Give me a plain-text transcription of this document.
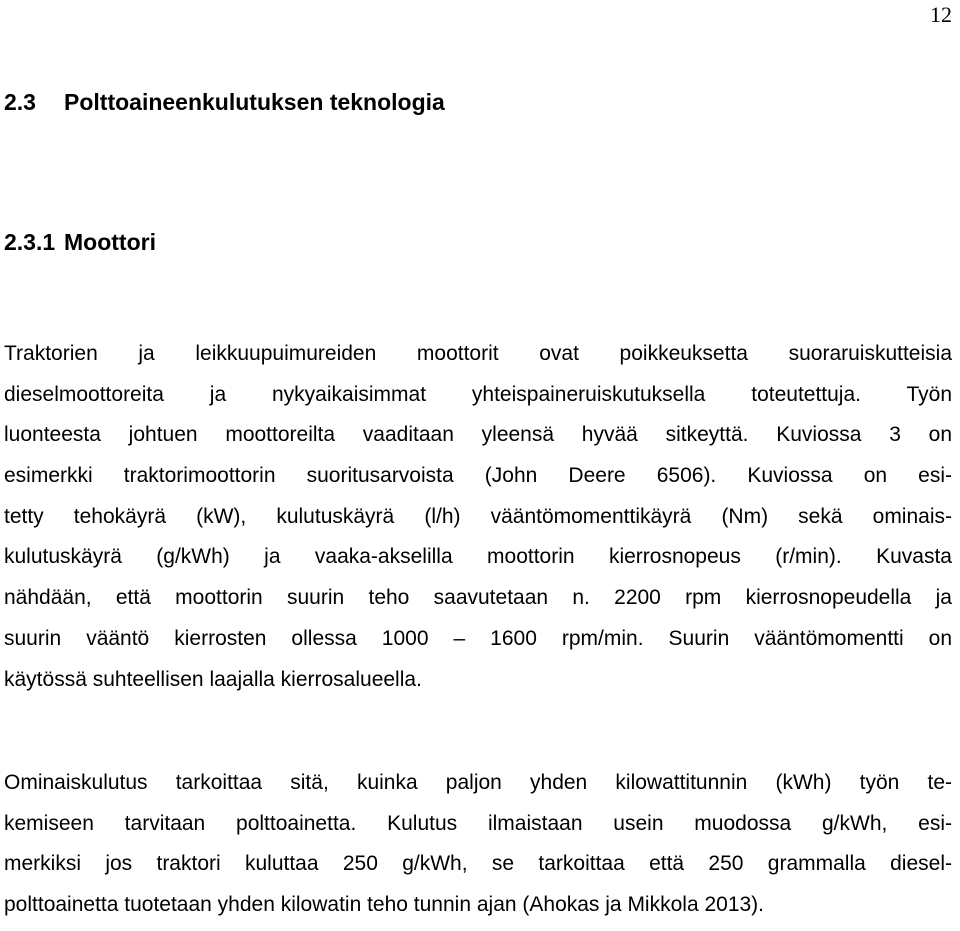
12
2.3 Polttoaineenkulutuksen teknologia
2.3.1 Moottori

Traktorien ja leikkuupuimureiden moottorit ovat poikkeuksetta suoraruiskutteisia
dieselmoottoreita ja nykyaikaisimmat yhteispaineruiskutuksella toteutettuja. Työn
luonteesta johtuen moottoreilta vaaditaan yleensä hyvää sitkeyttä. Kuviossa 3 on
esimerkki traktorimoottorin suoritusarvoista (John Deere 6506). Kuviossa on esi-
tetty tehokäyrä (kW), kulutuskäyrä (l/h) vääntömomenttikäyrä (Nm) sekä ominais-
kulutuskäyrä (g/kWh) ja vaaka-akselilla moottorin kierrosnopeus (r/min). Kuvasta
nähdään, että moottorin suurin teho saavutetaan n. 2200 rpm kierrosnopeudella ja
suurin vääntö kierrosten ollessa 1000 – 1600 rpm/min. Suurin vääntömomentti on
käytössä suhteellisen laajalla kierrosalueella.

Ominaiskulutus tarkoittaa sitä, kuinka paljon yhden kilowattitunnin (kWh) työn te-
kemiseen tarvitaan polttoainetta. Kulutus ilmaistaan usein muodossa g/kWh, esi-
merkiksi jos traktori kuluttaa 250 g/kWh, se tarkoittaa että 250 grammalla diesel-
polttoainetta tuotetaan yhden kilowatin teho tunnin ajan (Ahokas ja Mikkola 2013).
